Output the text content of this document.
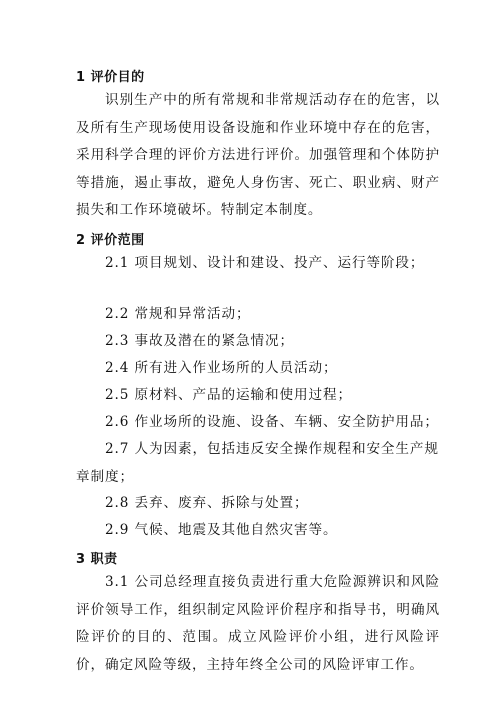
1 评价目的

识别生产中的所有常规和非常规活动存在的危害，以及所有生产现场使用设备设施和作业环境中存在的危害，采用科学合理的评价方法进行评价。加强管理和个体防护等措施，遏止事故，避免人身伤害、死亡、职业病、财产损失和工作环境破坏。特制定本制度。

2 评价范围

2.1 项目规划、设计和建设、投产、运行等阶段；

2.2 常规和异常活动；

2.3 事故及潜在的紧急情况；

2.4 所有进入作业场所的人员活动；

2.5 原材料、产品的运输和使用过程；

2.6 作业场所的设施、设备、车辆、安全防护用品；

2.7 人为因素，包括违反安全操作规程和安全生产规章制度；

2.8 丢弃、废弃、拆除与处置；

2.9 气候、地震及其他自然灾害等。

3 职责

3.1 公司总经理直接负责进行重大危险源辨识和风险评价领导工作，组织制定风险评价程序和指导书，明确风险评价的目的、范围。成立风险评价小组，进行风险评价，确定风险等级，主持年终全公司的风险评审工作。
